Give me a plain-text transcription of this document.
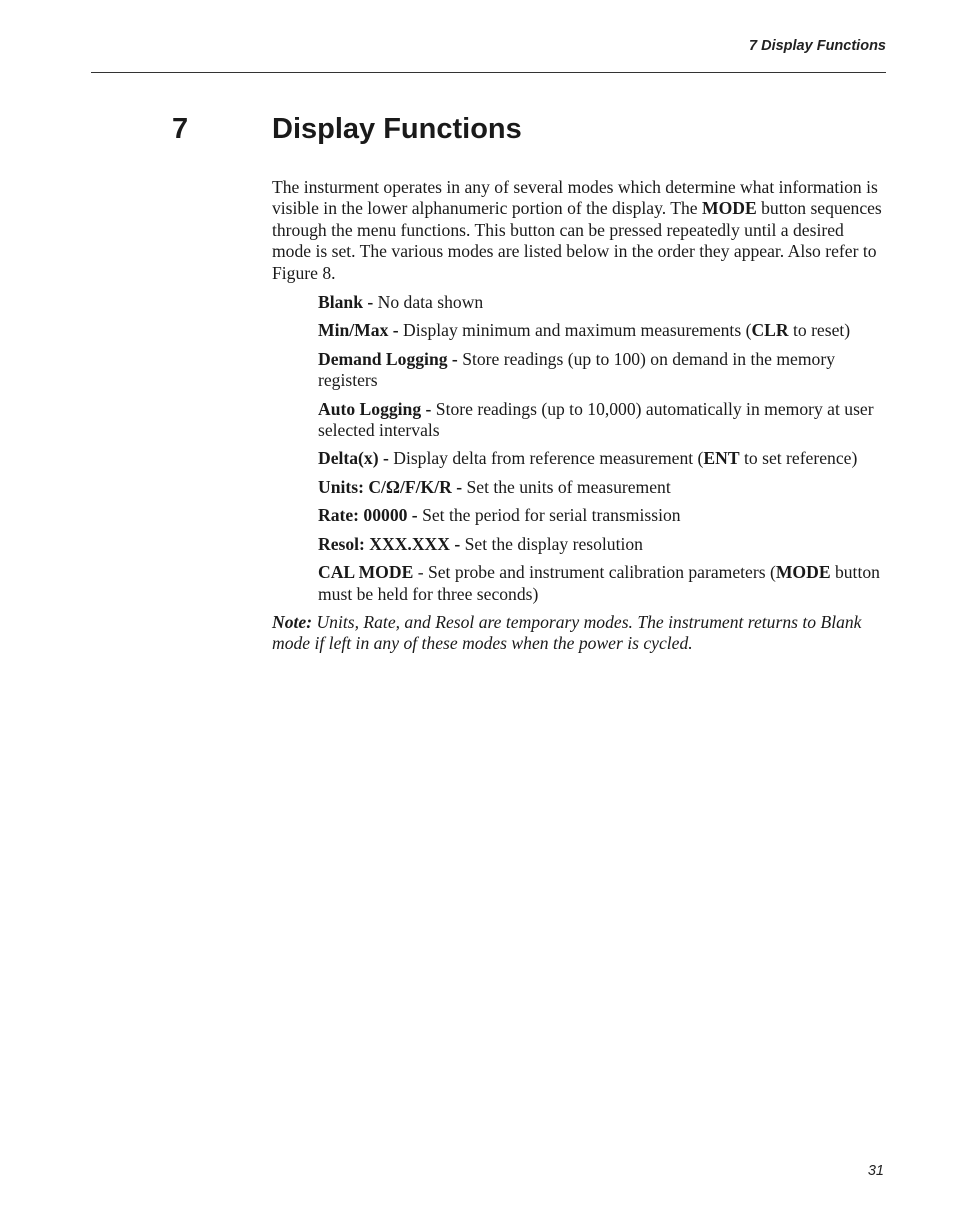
7 Display Functions
7	Display Functions

The insturment operates in any of several modes which determine what information is visible in the lower alphanumeric portion of the display. The MODE button sequences through the menu functions. This button can be pressed repeatedly until a desired mode is set. The various modes are listed below in the order they appear. Also refer to Figure 8.

Blank - No data shown
Min/Max - Display minimum and maximum measurements (CLR to reset)
Demand Logging - Store readings (up to 100) on demand in the memory registers
Auto Logging - Store readings (up to 10,000) automatically in memory at user selected intervals
Delta(x) - Display delta from reference measurement (ENT to set reference)
Units: C/Ω/F/K/R - Set the units of measurement
Rate: 00000 - Set the period for serial transmission
Resol: XXX.XXX - Set the display resolution
CAL MODE - Set probe and instrument calibration parameters (MODE button must be held for three seconds)

Note: Units, Rate, and Resol are temporary modes. The instrument returns to Blank mode if left in any of these modes when the power is cycled.

31
